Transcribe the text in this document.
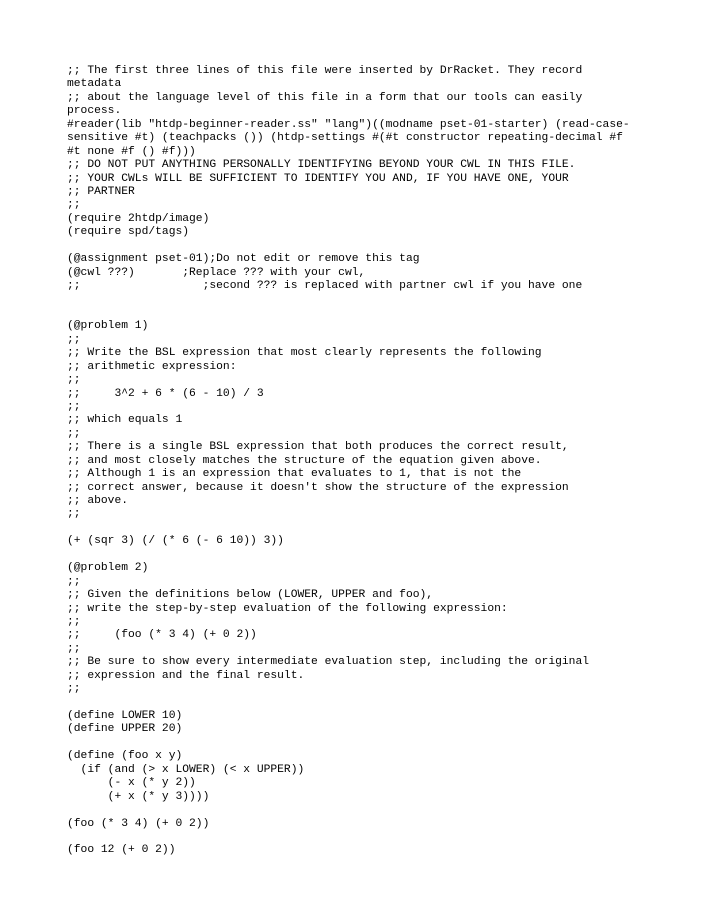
;; The first three lines of this file were inserted by DrRacket. They record
metadata
;; about the language level of this file in a form that our tools can easily
process.
#reader(lib "htdp-beginner-reader.ss" "lang")((modname pset-01-starter) (read-case-
sensitive #t) (teachpacks ()) (htdp-settings #(#t constructor repeating-decimal #f
#t none #f () #f)))
;; DO NOT PUT ANYTHING PERSONALLY IDENTIFYING BEYOND YOUR CWL IN THIS FILE.
;; YOUR CWLs WILL BE SUFFICIENT TO IDENTIFY YOU AND, IF YOU HAVE ONE, YOUR
;; PARTNER
;;
(require 2htdp/image)
(require spd/tags)
(@assignment pset-01);Do not edit or remove this tag
(@cwl ???)       ;Replace ??? with your cwl,
;;                  ;second ??? is replaced with partner cwl if you have one
(@problem 1)
;;
;; Write the BSL expression that most clearly represents the following
;; arithmetic expression:
;;
;;     3^2 + 6 * (6 - 10) / 3
;;
;; which equals 1
;;
;; There is a single BSL expression that both produces the correct result,
;; and most closely matches the structure of the equation given above.
;; Although 1 is an expression that evaluates to 1, that is not the
;; correct answer, because it doesn't show the structure of the expression
;; above.
;;
(+ (sqr 3) (/ (* 6 (- 6 10)) 3))
(@problem 2)
;;
;; Given the definitions below (LOWER, UPPER and foo),
;; write the step-by-step evaluation of the following expression:
;;
;;     (foo (* 3 4) (+ 0 2))
;;
;; Be sure to show every intermediate evaluation step, including the original
;; expression and the final result.
;;
(define LOWER 10)
(define UPPER 20)
(define (foo x y)
(if (and (> x LOWER) (< x UPPER))
(- x (* y 2))
(+ x (* y 3))))
(foo (* 3 4) (+ 0 2))
(foo 12 (+ 0 2))
